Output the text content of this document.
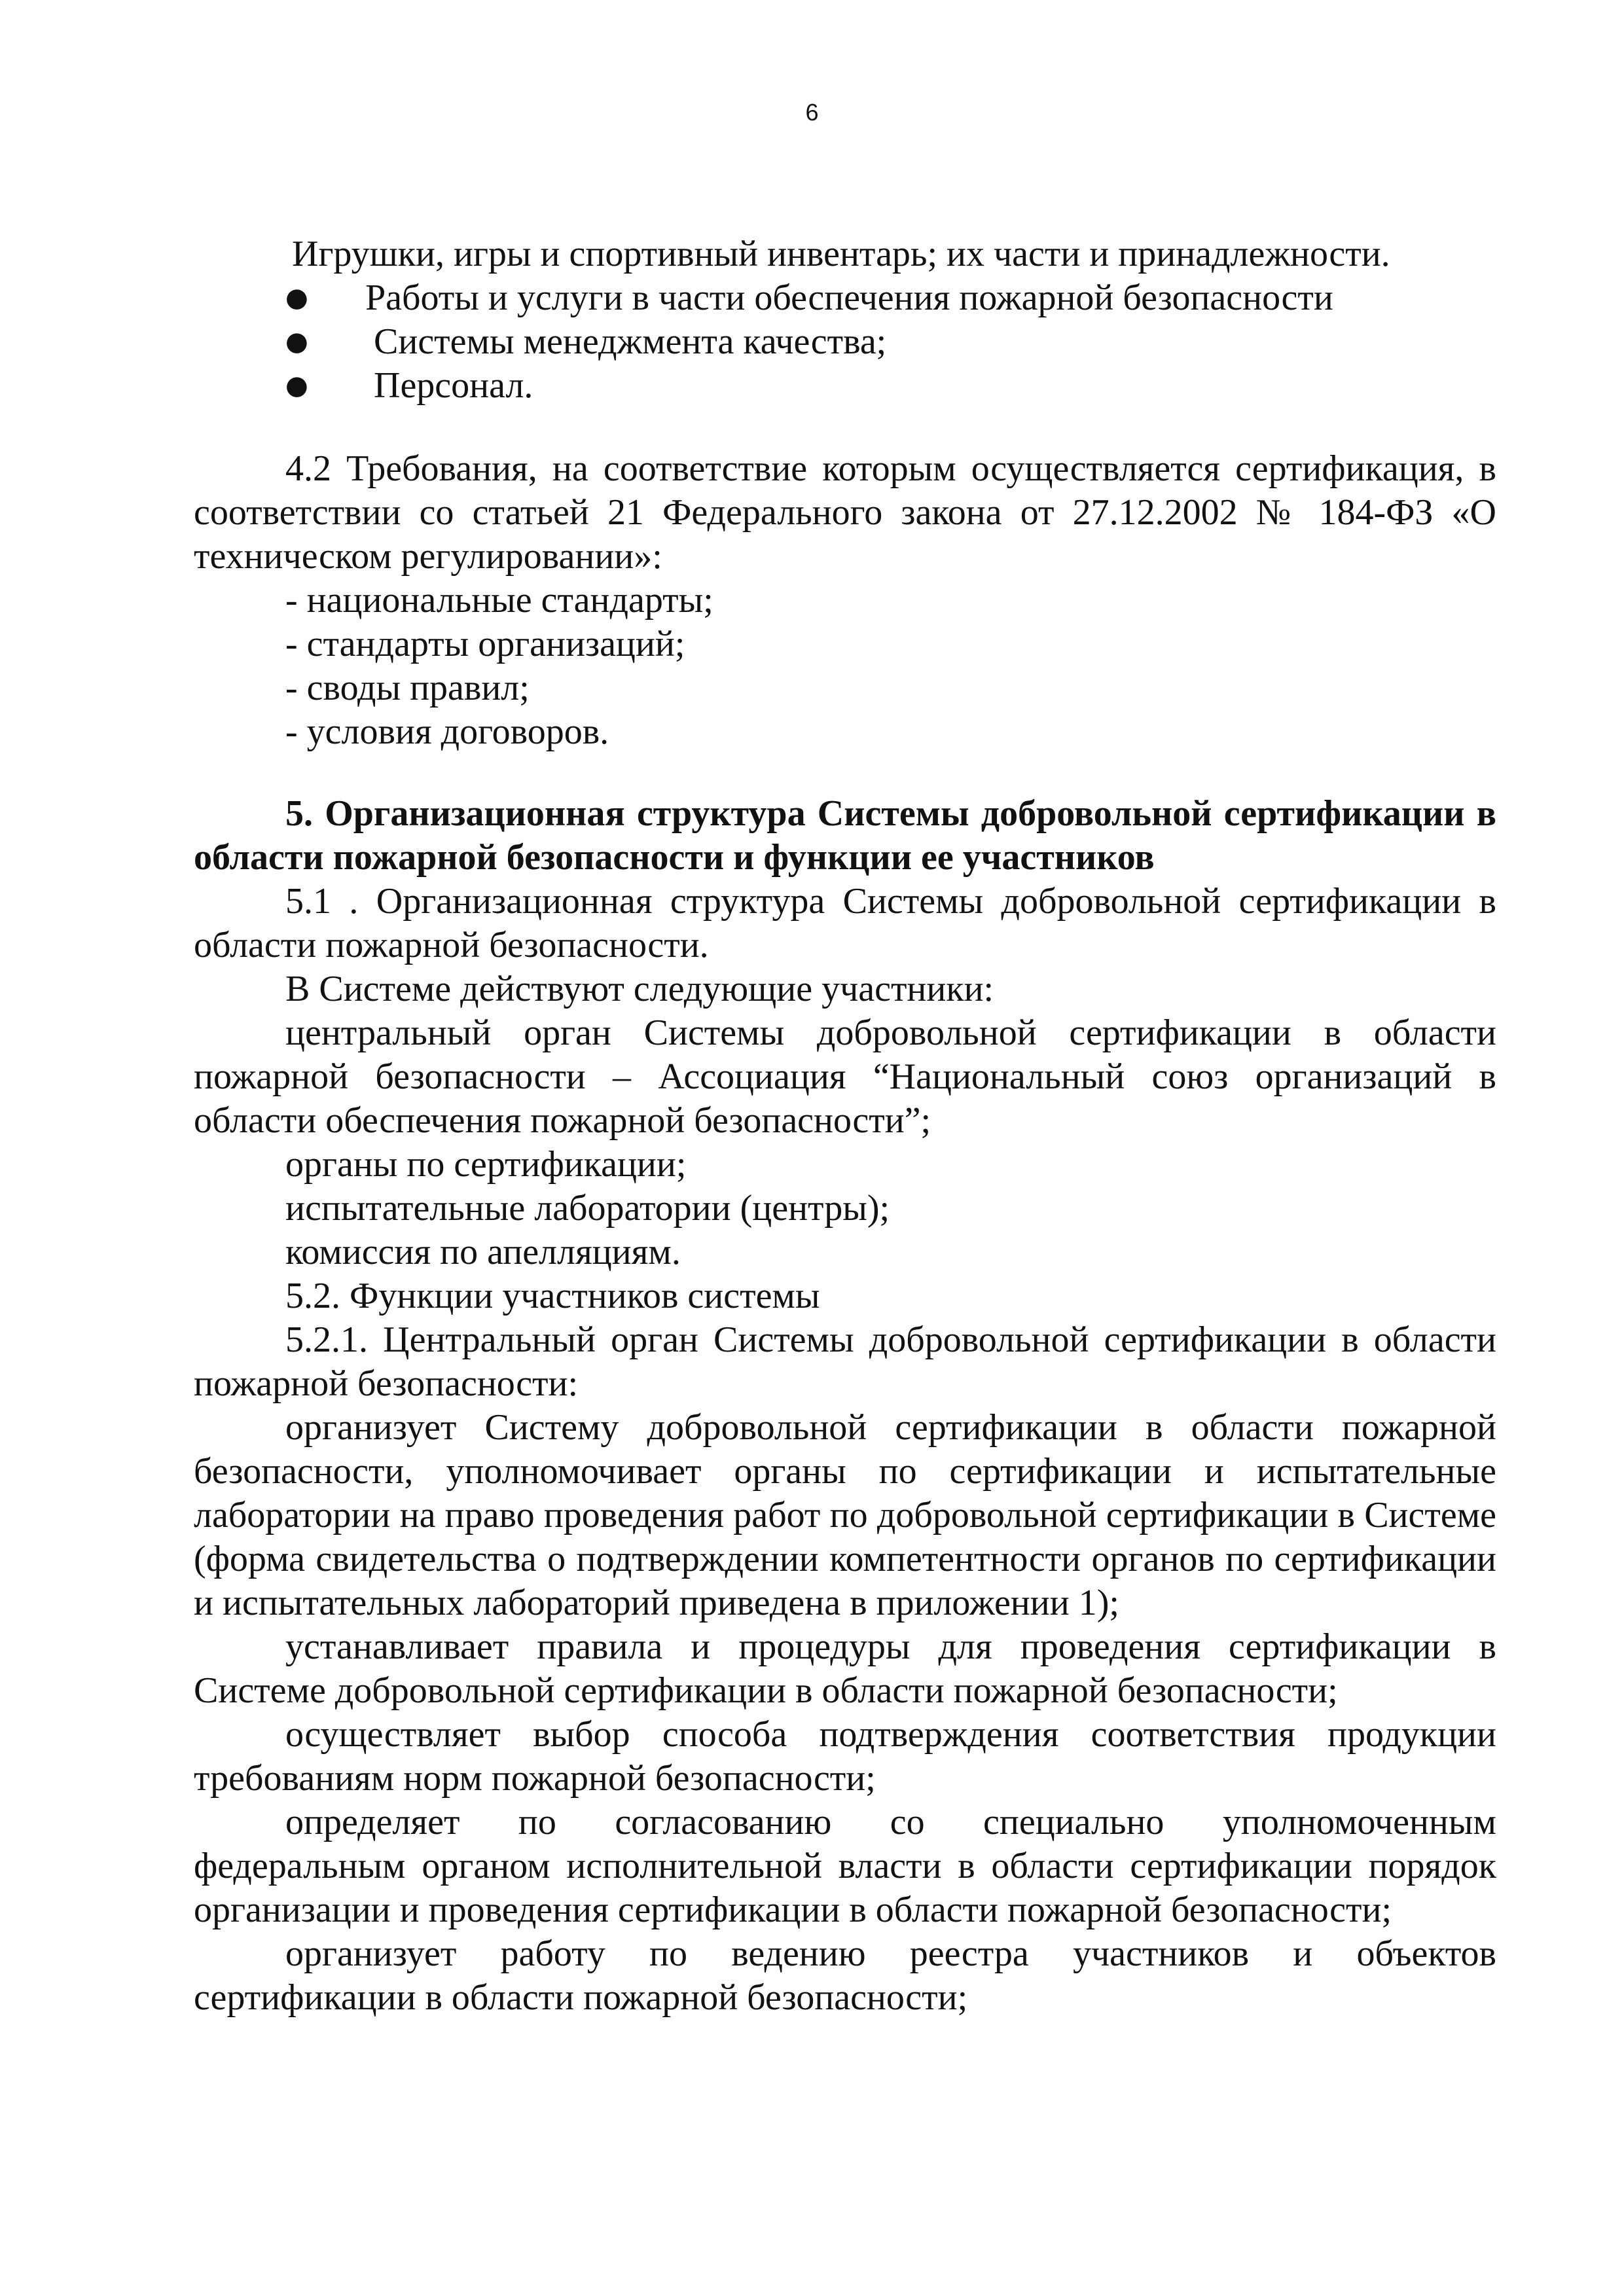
6

Игрушки, игры и спортивный инвентарь; их части и принадлежности.

● Работы и услуги в части обеспечения пожарной безопасности
● Системы менеджмента качества;
● Персонал.

4.2 Требования, на соответствие которым осуществляется сертификация, в соответствии со статьей 21 Федерального закона от 27.12.2002 № 184-ФЗ «О техническом регулировании»:

- национальные стандарты;

- стандарты организаций;

- своды правил;

- условия договоров.

5. Организационная структура Системы добровольной сертификации в области пожарной безопасности и функции ее участников

5.1 . Организационная структура Системы добровольной сертификации в области пожарной безопасности.

В Системе действуют следующие участники:

центральный орган Системы добровольной сертификации в области пожарной безопасности – Ассоциация “Национальный союз организаций в области обеспечения пожарной безопасности”;

органы по сертификации;

испытательные лаборатории (центры);

комиссия по апелляциям.

5.2. Функции участников системы

5.2.1. Центральный орган Системы добровольной сертификации в области пожарной безопасности:

организует Систему добровольной сертификации в области пожарной безопасности, уполномочивает органы по сертификации и испытательные лаборатории на право проведения работ по добровольной сертификации в Системе (форма свидетельства о подтверждении компетентности органов по сертификации и испытательных лабораторий приведена в приложении 1);

устанавливает правила и процедуры для проведения сертификации в Системе добровольной сертификации в области пожарной безопасности;

осуществляет выбор способа подтверждения соответствия продукции требованиям норм пожарной безопасности;

определяет по согласованию со специально уполномоченным

федеральным органом исполнительной власти в области сертификации порядок организации и проведения сертификации в области пожарной безопасности;

организует работу по ведению реестра участников и объектов

сертификации в области пожарной безопасности;
